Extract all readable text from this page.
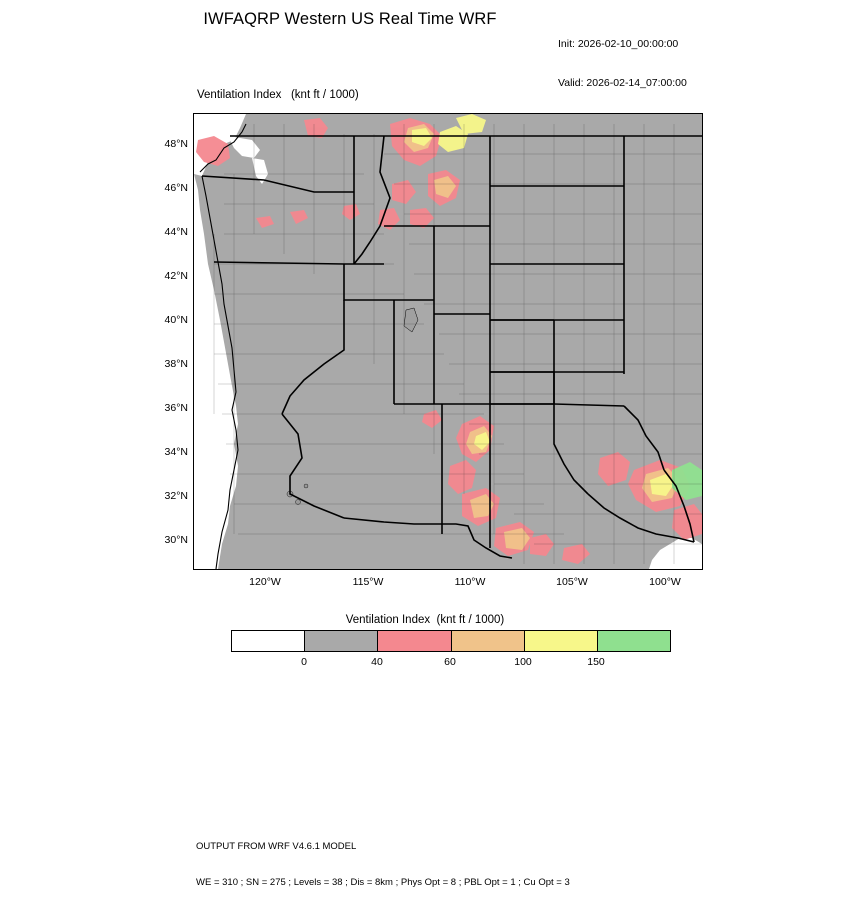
IWFAQRP Western US Real Time WRF

Init: 2026-02-10_00:00:00

Valid: 2026-02-14_07:00:00

Ventilation Index   (knt ft / 1000)
48°N
46°N
44°N
42°N
40°N
38°N
36°N
34°N
32°N
30°N
120°W	115°W	110°W	105°W	100°W
Ventilation Index  (knt ft / 1000)
0	40	60	100	150

OUTPUT FROM WRF V4.6.1 MODEL

WE = 310 ; SN = 275 ; Levels = 38 ; Dis = 8km ; Phys Opt = 8 ; PBL Opt = 1 ; Cu Opt = 3
